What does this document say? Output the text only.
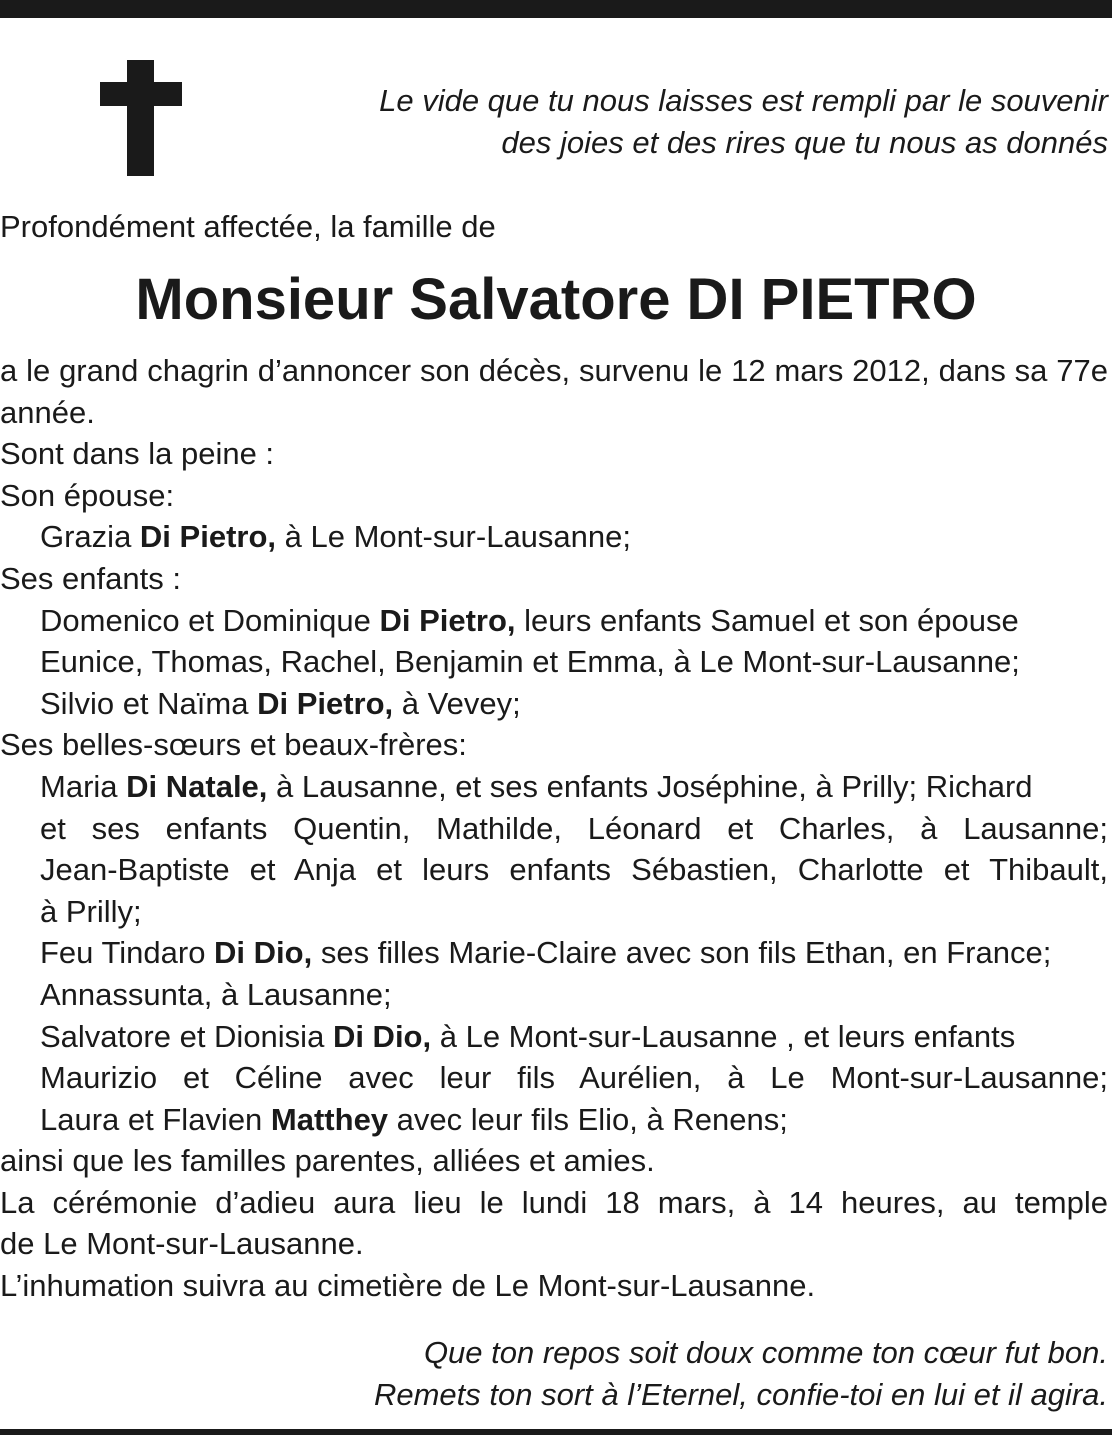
Le vide que tu nous laisses est rempli par le souvenir
des joies et des rires que tu nous as donnés
Profondément affectée, la famille de
Monsieur Salvatore DI PIETRO

a le grand chagrin d’annoncer son décès, survenu le 12 mars 2012, dans sa 77e année.

Sont dans la peine :

Son épouse:

Grazia Di Pietro, à Le Mont-sur-Lausanne;

Ses enfants :

Domenico et Dominique Di Pietro, leurs enfants Samuel et son épouse

Eunice, Thomas, Rachel, Benjamin et Emma, à Le Mont-sur-Lausanne;

Silvio et Naïma Di Pietro, à Vevey;

Ses belles-sœurs et beaux-frères:

Maria Di Natale, à Lausanne, et ses enfants Joséphine, à Prilly; Richard

et ses enfants Quentin, Mathilde, Léonard et Charles, à Lausanne;

Jean-Baptiste et Anja et leurs enfants Sébastien, Charlotte et Thibault,

à Prilly;

Feu Tindaro Di Dio, ses filles Marie-Claire avec son fils Ethan, en France;

Annassunta, à Lausanne;

Salvatore et Dionisia Di Dio, à Le Mont-sur-Lausanne , et leurs enfants

Maurizio et Céline avec leur fils Aurélien, à Le Mont-sur-Lausanne;

Laura et Flavien Matthey avec leur fils Elio, à Renens;

ainsi que les familles parentes, alliées et amies.

La cérémonie d’adieu aura lieu le lundi 18 mars, à 14 heures, au temple

de Le Mont-sur-Lausanne.

L’inhumation suivra au cimetière de Le Mont-sur-Lausanne.

Que ton repos soit doux comme ton cœur fut bon.
Remets ton sort à l’Eternel, confie-toi en lui et il agira.
